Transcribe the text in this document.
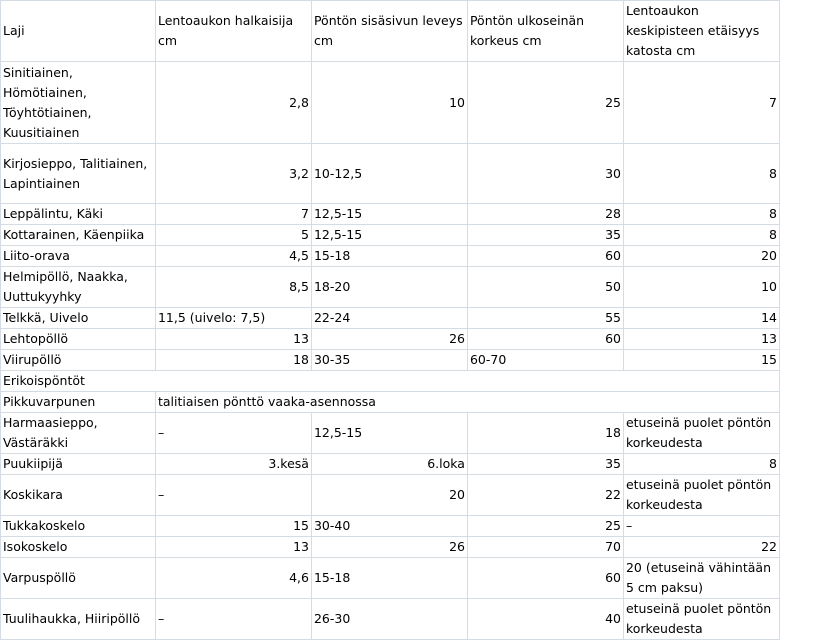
Laji	Lentoaukon halkaisija cm	Pöntön sisäsivun leveys cm	Pöntön ulkoseinän korkeus cm	Lentoaukon keskipisteen etäisyys katosta cm
Sinitiainen, Hömötiainen, Töyhtötiainen, Kuusitiainen	2,8	10	25	7
Kirjosieppo, Talitiainen, Lapintiainen	3,2	10-12,5	30	8
Leppälintu, Käki	7	12,5-15	28	8
Kottarainen, Käenpiika	5	12,5-15	35	8
Liito-orava	4,5	15-18	60	20
Helmipöllö, Naakka, Uuttukyyhky	8,5	18-20	50	10
Telkkä, Uivelo	11,5 (uivelo: 7,5)	22-24	55	14
Lehtopöllö	13	26	60	13
Viirupöllö	18	30-35	60-70	15
Erikoispöntöt				
Pikkuvarpunen	talitiaisen pönttö vaaka-asennossa			
Harmaasieppo, Västäräkki	–	12,5-15	18	etuseinä puolet pöntön korkeudesta
Puukiipijä	3.kesä	6.loka	35	8
Koskikara	–	20	22	etuseinä puolet pöntön korkeudesta
Tukkakoskelo	15	30-40	25	–
Isokoskelo	13	26	70	22
Varpuspöllö	4,6	15-18	60	20 (etuseinä vähintään 5 cm paksu)
Tuulihaukka, Hiiripöllö	–	26-30	40	etuseinä puolet pöntön korkeudesta
